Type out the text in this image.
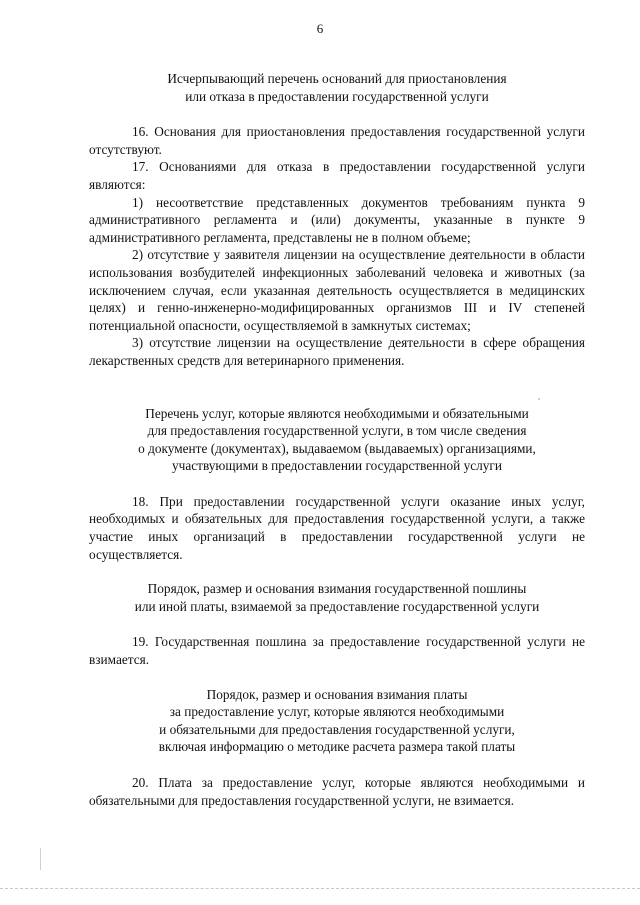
6
Исчерпывающий перечень оснований для приостановления
или отказа в предоставлении государственной услуги

16. Основания для приостановления предоставления государственной услуги отсутствуют.

17. Основаниями для отказа в предоставлении государственной услуги являются:

1) несоответствие представленных документов требованиям пункта 9 административного регламента и (или) документы, указанные в пункте 9 административного регламента, представлены не в полном объеме;

2) отсутствие у заявителя лицензии на осуществление деятельности в области использования возбудителей инфекционных заболеваний человека и животных (за исключением случая, если указанная деятельность осуществляется в медицинских целях) и генно-инженерно-модифицированных организмов III и IV степеней потенциальной опасности, осуществляемой в замкнутых системах;

3) отсутствие лицензии на осуществление деятельности в сфере обращения лекарственных средств для ветеринарного применения.

Перечень услуг, которые являются необходимыми и обязательными
для предоставления государственной услуги, в том числе сведения
о документе (документах), выдаваемом (выдаваемых) организациями,
участвующими в предоставлении государственной услуги

18. При предоставлении государственной услуги оказание иных услуг, необходимых и обязательных для предоставления государственной услуги, а также участие иных организаций в предоставлении государственной услуги не осуществляется.

Порядок, размер и основания взимания государственной пошлины
или иной платы, взимаемой за предоставление государственной услуги

19. Государственная пошлина за предоставление государственной услуги не взимается.

Порядок, размер и основания взимания платы
за предоставление услуг, которые являются необходимыми
и обязательными для предоставления государственной услуги,
включая информацию о методике расчета размера такой платы

20. Плата за предоставление услуг, которые являются необходимыми и обязательными для предоставления государственной услуги, не взимается.
